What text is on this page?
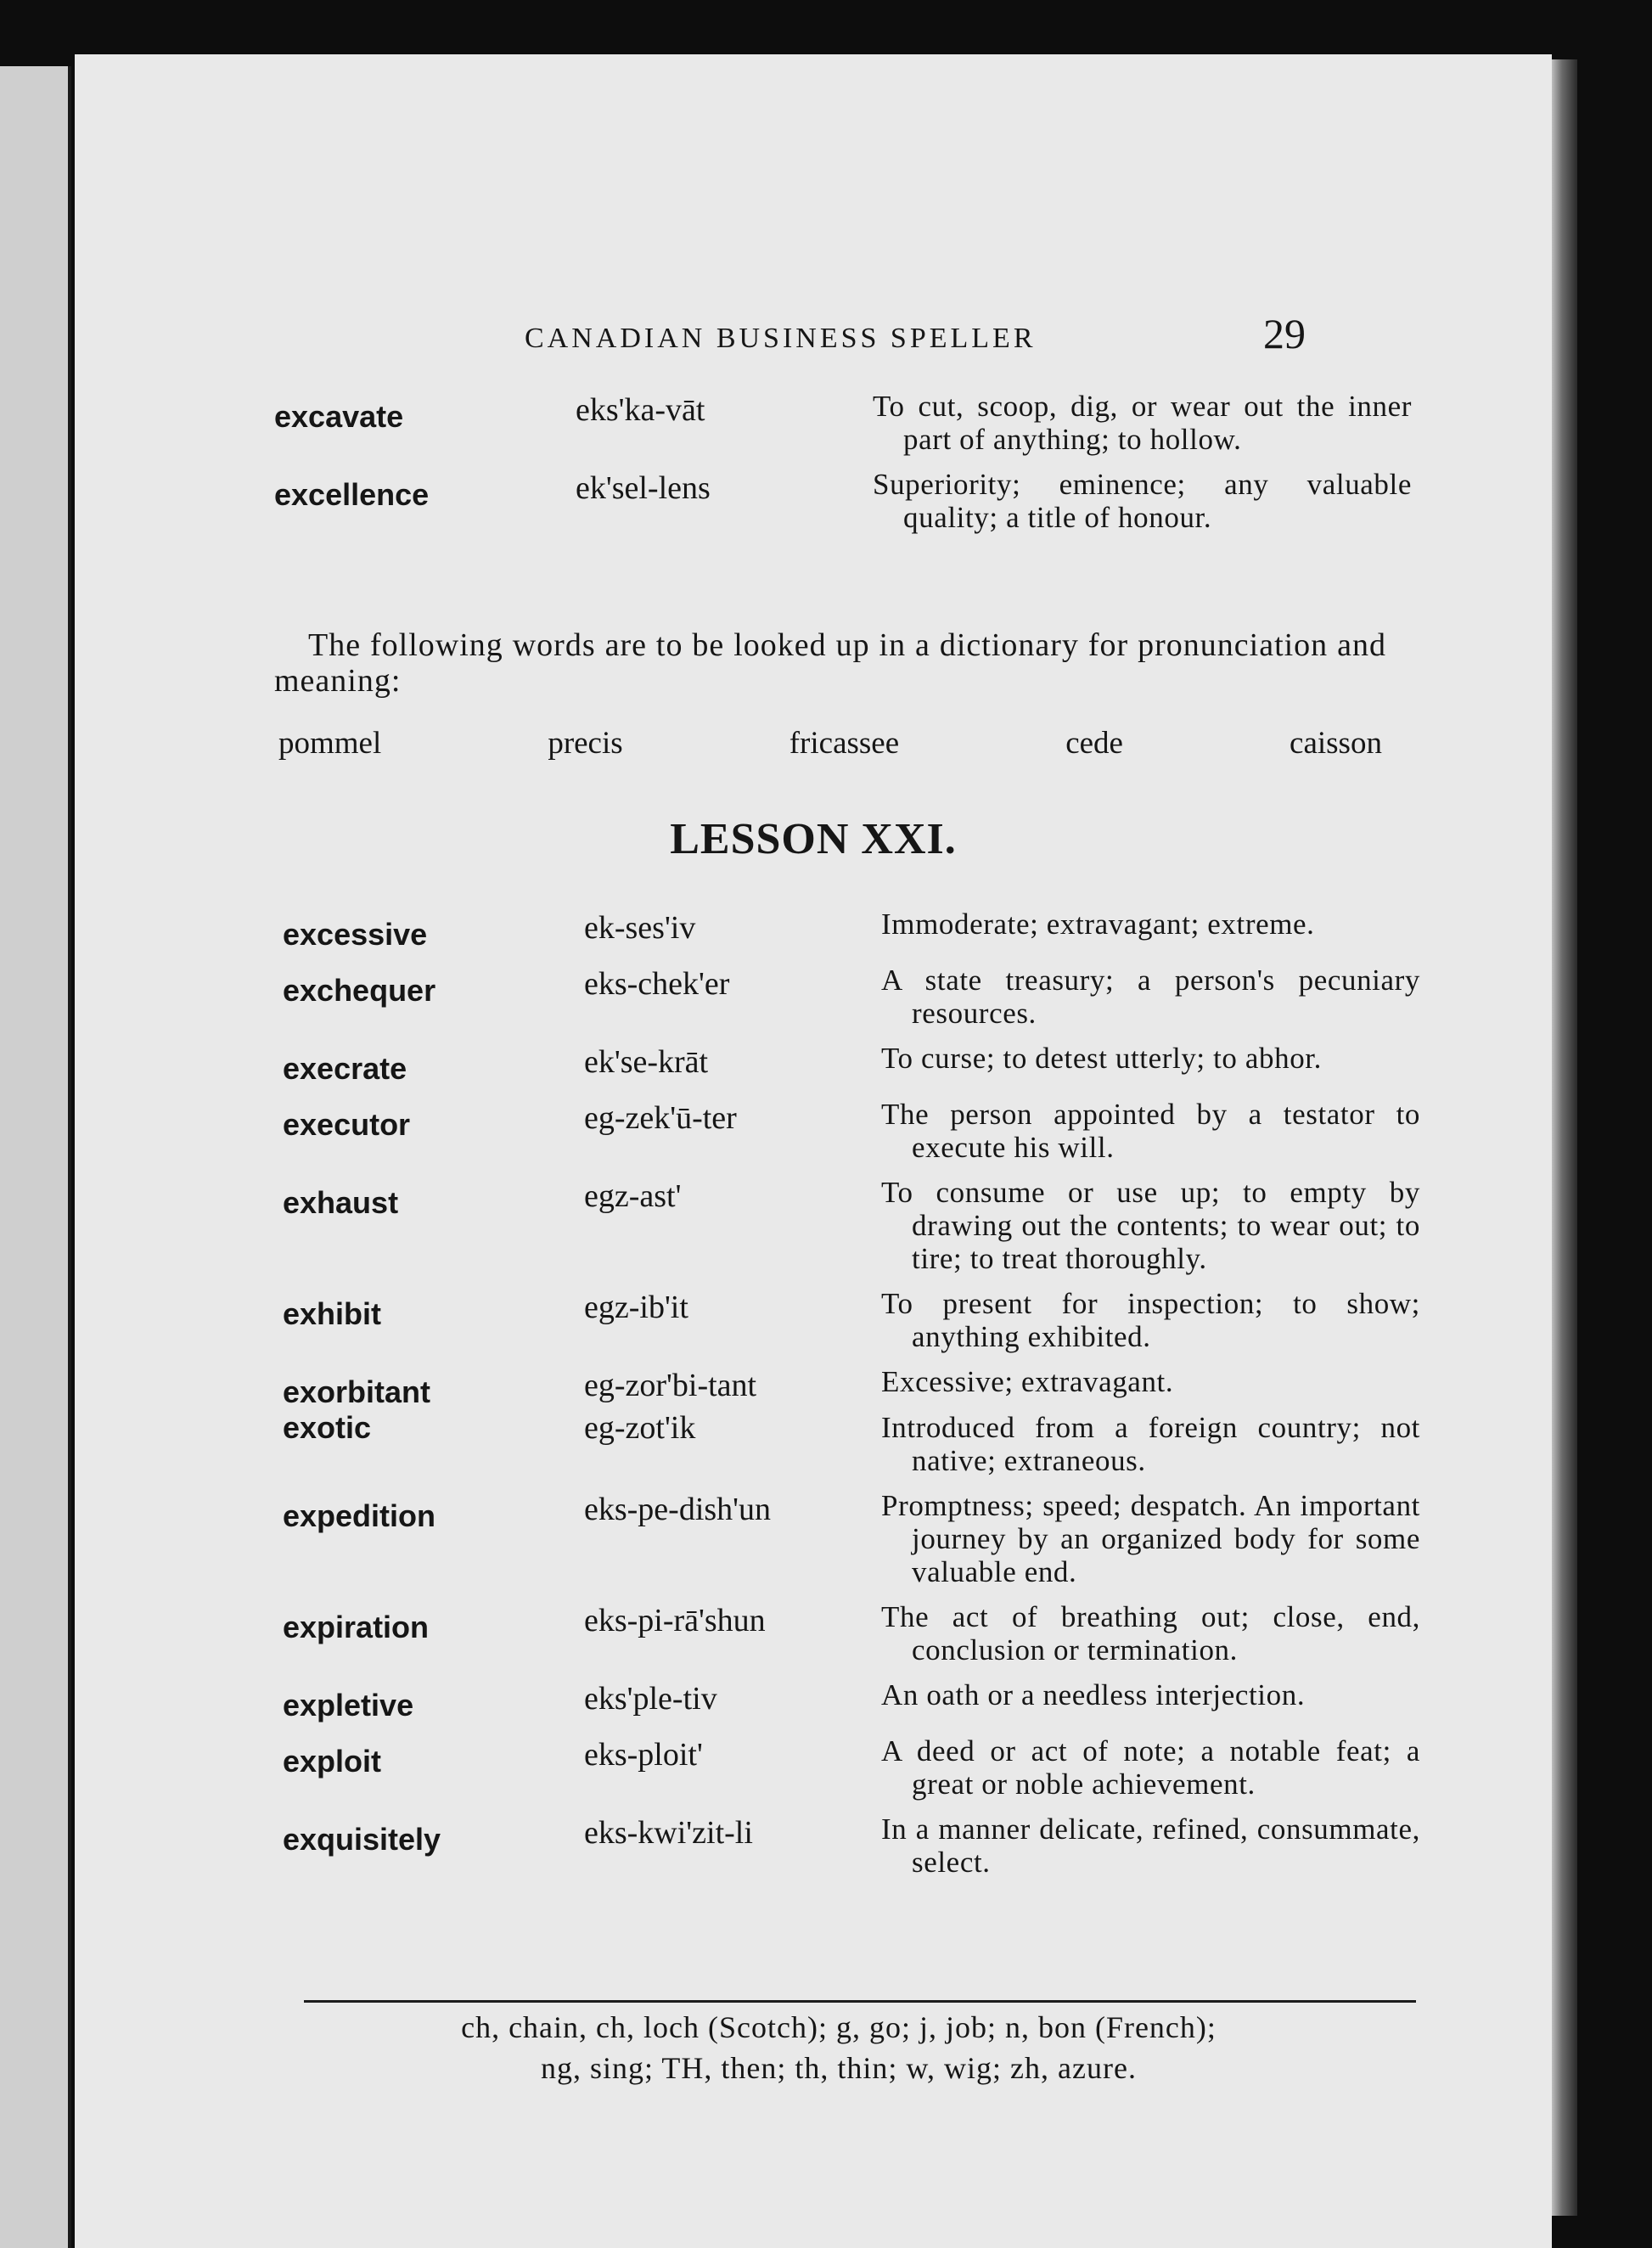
CANADIAN BUSINESS SPELLER	29
excavate	eks'ka-vāt	To cut, scoop, dig, or wear out the inner part of anything; to hollow.
excellence	ek'sel-lens	Superiority; eminence; any valuable quality; a title of honour.
The following words are to be looked up in a dictionary for pronunciation and meaning:
pommel	precis	fricassee	cede	caisson
LESSON XXI.
excessive	ek-ses'iv	Immoderate; extravagant; extreme.
exchequer	eks-chek'er	A state treasury; a person's pecuniary resources.
execrate	ek'se-krāt	To curse; to detest utterly; to abhor.
executor	eg-zek'ū-ter	The person appointed by a testator to execute his will.
exhaust	egz-ast'	To consume or use up; to empty by drawing out the contents; to wear out; to tire; to treat thoroughly.
exhibit	egz-ib'it	To present for inspection; to show; anything exhibited.
exorbitant	eg-zor'bi-tant	Excessive; extravagant.
exotic	eg-zot'ik	Introduced from a foreign country; not native; extraneous.
expedition	eks-pe-dish'un	Promptness; speed; despatch. An important journey by an organized body for some valuable end.
expiration	eks-pi-rā'shun	The act of breathing out; close, end, conclusion or termination.
expletive	eks'ple-tiv	An oath or a needless interjection.
exploit	eks-ploit'	A deed or act of note; a notable feat; a great or noble achievement.
exquisitely	eks-kwi'zit-li	In a manner delicate, refined, consummate, select.
ch, chain, ch, loch (Scotch); g, go; j, job; n, bon (French);
ng, sing; TH, then; th, thin; w, wig; zh, azure.
